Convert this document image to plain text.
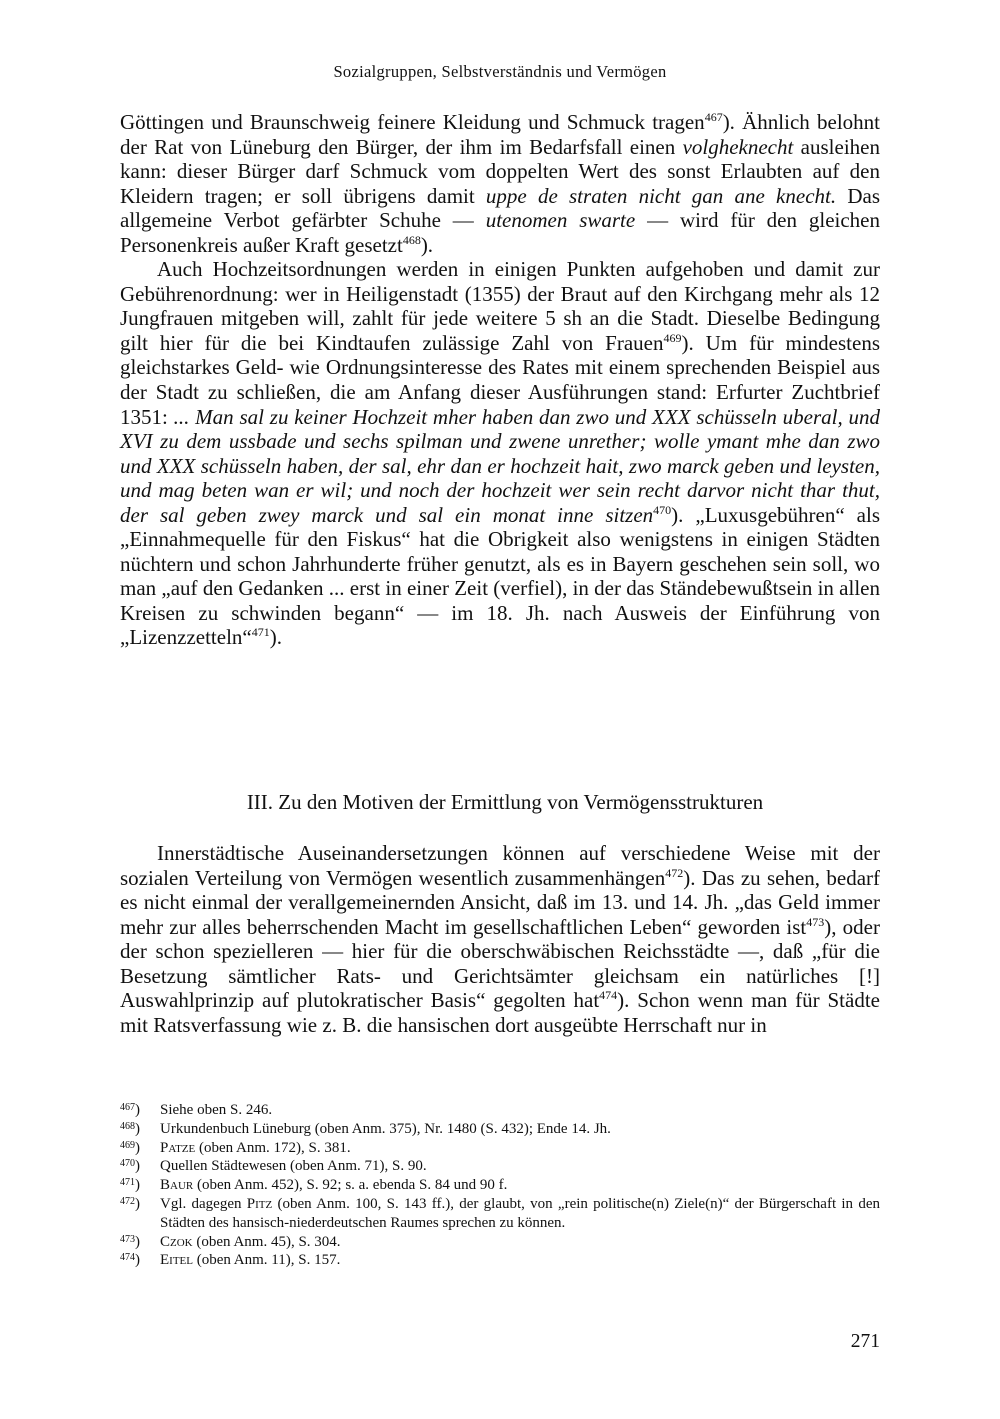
Sozialgruppen, Selbstverständnis und Vermögen

Göttingen und Braunschweig feinere Kleidung und Schmuck tragen$^{467}$). Ähnlich belohnt der Rat von Lüneburg den Bürger, der ihm im Bedarfsfall einen volgheknecht ausleihen kann: dieser Bürger darf Schmuck vom doppelten Wert des sonst Erlaubten auf den Kleidern tragen; er soll übrigens damit uppe de straten nicht gan ane knecht. Das allgemeine Verbot gefärbter Schuhe — utenomen swarte — wird für den gleichen Personenkreis außer Kraft gesetzt$^{468}$).

Auch Hochzeitsordnungen werden in einigen Punkten aufgehoben und damit zur Gebührenordnung: wer in Heiligenstadt (1355) der Braut auf den Kirchgang mehr als 12 Jungfrauen mitgeben will, zahlt für jede weitere 5 sh an die Stadt. Dieselbe Bedingung gilt hier für die bei Kindtaufen zulässige Zahl von Frauen$^{469}$). Um für mindestens gleichstarkes Geld- wie Ordnungsinteresse des Rates mit einem sprechenden Beispiel aus der Stadt zu schließen, die am Anfang dieser Ausführungen stand: Erfurter Zuchtbrief 1351: ... Man sal zu keiner Hochzeit mher haben dan zwo und XXX schüsseln uberal, und XVI zu dem ussbade und sechs spilman und zwene unrether; wolle ymant mhe dan zwo und XXX schüsseln haben, der sal, ehr dan er hochzeit hait, zwo marck geben und leysten, und mag beten wan er wil; und noch der hochzeit wer sein recht darvor nicht thar thut, der sal geben zwey marck und sal ein monat inne sitzen$^{470}$). „Luxusgebühren“ als „Einnahmequelle für den Fiskus“ hat die Obrigkeit also wenigstens in einigen Städten nüchtern und schon Jahrhunderte früher genutzt, als es in Bayern geschehen sein soll, wo man „auf den Gedanken ... erst in einer Zeit (verfiel), in der das Ständebewußtsein in allen Kreisen zu schwinden begann“ — im 18. Jh. nach Ausweis der Einführung von „Lizenzzetteln“$^{471}$).

III. Zu den Motiven der Ermittlung von Vermögensstrukturen

Innerstädtische Auseinandersetzungen können auf verschiedene Weise mit der sozialen Verteilung von Vermögen wesentlich zusammenhängen$^{472}$). Das zu sehen, bedarf es nicht einmal der verallgemeinernden Ansicht, daß im 13. und 14. Jh. „das Geld immer mehr zur alles beherrschenden Macht im gesellschaftlichen Leben“ geworden ist$^{473}$), oder der schon spezielleren — hier für die oberschwäbischen Reichsstädte —, daß „für die Besetzung sämtlicher Rats- und Gerichtsämter gleichsam ein natürliches [!] Auswahlprinzip auf plutokratischer Basis“ gegolten hat$^{474}$). Schon wenn man für Städte mit Ratsverfassung wie z. B. die hansischen dort ausgeübte Herrschaft nur in

$^{467}$)	Siehe oben S. 246.
$^{468}$)	Urkundenbuch Lüneburg (oben Anm. 375), Nr. 1480 (S. 432); Ende 14. Jh.
$^{469}$)	Patze (oben Anm. 172), S. 381.
$^{470}$)	Quellen Städtewesen (oben Anm. 71), S. 90.
$^{471}$)	Baur (oben Anm. 452), S. 92; s. a. ebenda S. 84 und 90 f.
$^{472}$)	Vgl. dagegen Pitz (oben Anm. 100, S. 143 ff.), der glaubt, von „rein politische(n) Ziele(n)“ der Bürgerschaft in den Städten des hansisch-niederdeutschen Raumes sprechen zu können.
$^{473}$)	Czok (oben Anm. 45), S. 304.
$^{474}$)	Eitel (oben Anm. 11), S. 157.
271
